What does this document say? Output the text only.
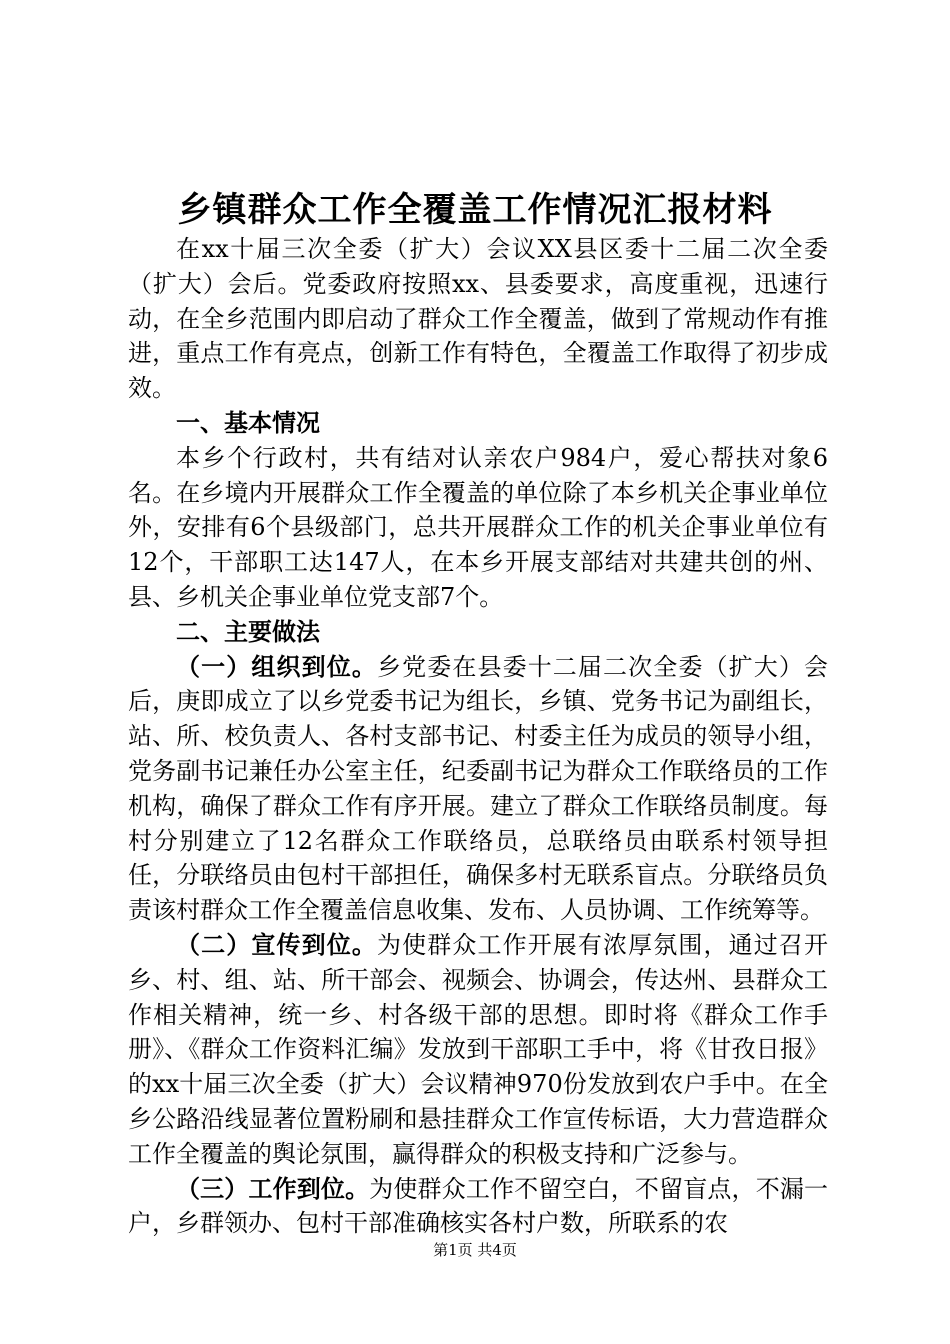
乡镇群众工作全覆盖工作情况汇报材料

在xx十届三次全委（扩大）会议XX县区委十二届二次全委（扩大）会后。党委政府按照xx、县委要求，高度重视，迅速行动，在全乡范围内即启动了群众工作全覆盖，做到了常规动作有推进，重点工作有亮点，创新工作有特色，全覆盖工作取得了初步成效。

一、基本情况

本乡个行政村，共有结对认亲农户984户，爱心帮扶对象6名。在乡境内开展群众工作全覆盖的单位除了本乡机关企事业单位外，安排有6个县级部门，总共开展群众工作的机关企事业单位有12个，干部职工达147人，在本乡开展支部结对共建共创的州、县、乡机关企事业单位党支部7个。

二、主要做法

（一）组织到位。乡党委在县委十二届二次全委（扩大）会后，庚即成立了以乡党委书记为组长，乡镇、党务书记为副组长，站、所、校负责人、各村支部书记、村委主任为成员的领导小组，党务副书记兼任办公室主任，纪委副书记为群众工作联络员的工作机构，确保了群众工作有序开展。建立了群众工作联络员制度。每村分别建立了12名群众工作联络员，总联络员由联系村领导担任，分联络员由包村干部担任，确保多村无联系盲点。分联络员负责该村群众工作全覆盖信息收集、发布、人员协调、工作统筹等。

（二）宣传到位。为使群众工作开展有浓厚氛围，通过召开乡、村、组、站、所干部会、视频会、协调会，传达州、县群众工作相关精神，统一乡、村各级干部的思想。即时将《群众工作手册》、《群众工作资料汇编》发放到干部职工手中，将《甘孜日报》的xx十届三次全委（扩大）会议精神970份发放到农户手中。在全乡公路沿线显著位置粉刷和悬挂群众工作宣传标语，大力营造群众工作全覆盖的舆论氛围，赢得群众的积极支持和广泛参与。

（三）工作到位。为使群众工作不留空白，不留盲点，不漏一户，乡群领办、包村干部准确核实各村户数，所联系的农

第1页 共4页
